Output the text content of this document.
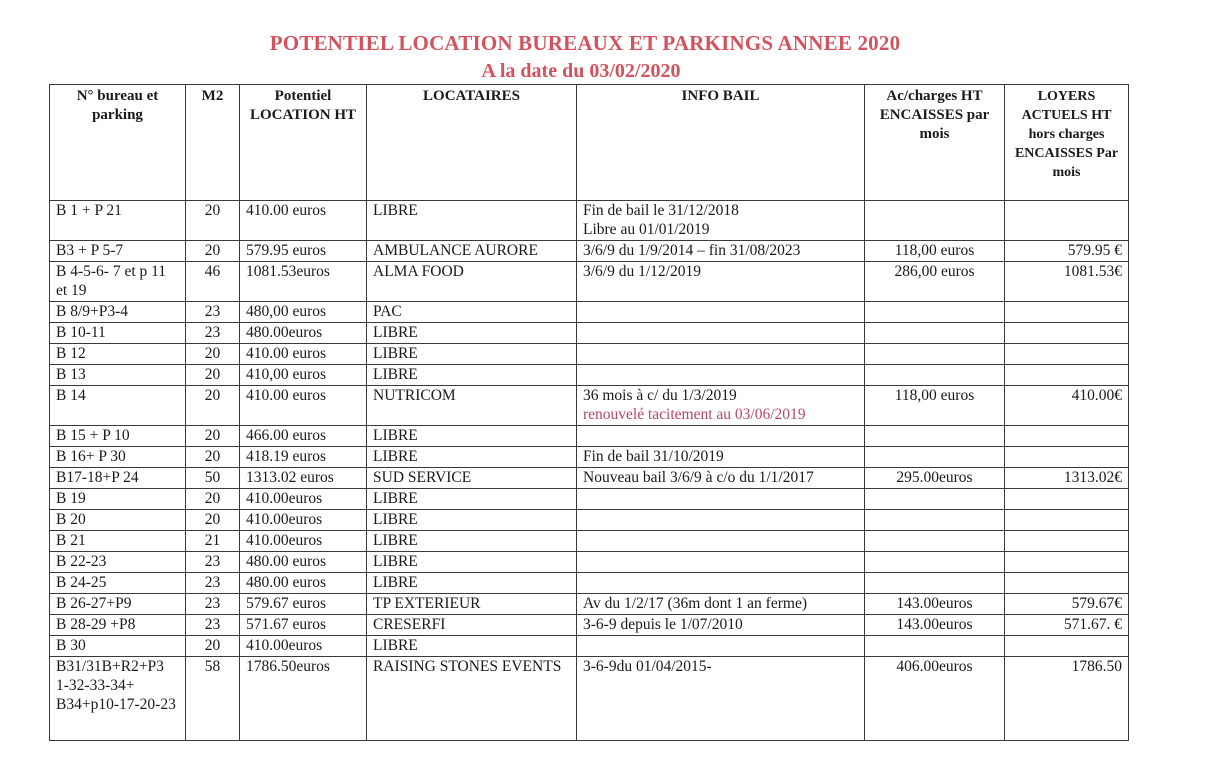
POTENTIEL LOCATION BUREAUX ET PARKINGS ANNEE 2020
A la date du 03/02/2020
N° bureau et parking	M2	Potentiel LOCATION HT	LOCATAIRES	INFO BAIL	Ac/charges HT ENCAISSES par mois	LOYERS ACTUELS HT hors charges ENCAISSES Par mois
B 1 + P 21	20	410.00 euros	LIBRE	Fin de bail le 31/12/2018
Libre au 01/01/2019		

B3 + P 5-7	20	579.95 euros	AMBULANCE AURORE	3/6/9 du 1/9/2014 – fin 31/08/2023	118,00 euros	579.95 €
B 4-5-6- 7 et p 11 et 19	46	1081.53euros	ALMA FOOD	3/6/9 du 1/12/2019	286,00 euros	1081.53€
B 8/9+P3-4	23	480,00 euros	PAC	

B 10-11	23	480.00euros	LIBRE	

B 12	20	410.00 euros	LIBRE	

B 13	20	410,00 euros	LIBRE	

B 14	20	410.00 euros	NUTRICOM	36 mois à c/ du 1/3/2019
renouvelé tacitement au 03/06/2019	118,00 euros	410.00€
B 15 + P 10	20	466.00 euros	LIBRE	

B 16+ P 30	20	418.19 euros	LIBRE	Fin de bail 31/10/2019		

B17-18+P 24	50	1313.02 euros	SUD SERVICE	Nouveau bail 3/6/9 à c/o du 1/1/2017	295.00euros	1313.02€
B 19	20	410.00euros	LIBRE	

B 20	20	410.00euros	LIBRE	

B 21	21	410.00euros	LIBRE	

B 22-23	23	480.00 euros	LIBRE	

B 24-25	23	480.00 euros	LIBRE	

B 26-27+P9	23	579.67 euros	TP EXTERIEUR	Av du 1/2/17 (36m dont 1 an ferme)	143.00euros	579.67€
B 28-29 +P8	23	571.67 euros	CRESERFI	3-6-9 depuis le 1/07/2010	143.00euros	571.67. €
B 30	20	410.00euros	LIBRE	

B31/31B+R2+P3 1-32-33-34+ B34+p10-17-20-23	58	1786.50euros	RAISING STONES EVENTS	3-6-9du 01/04/2015-	406.00euros	1786.50
